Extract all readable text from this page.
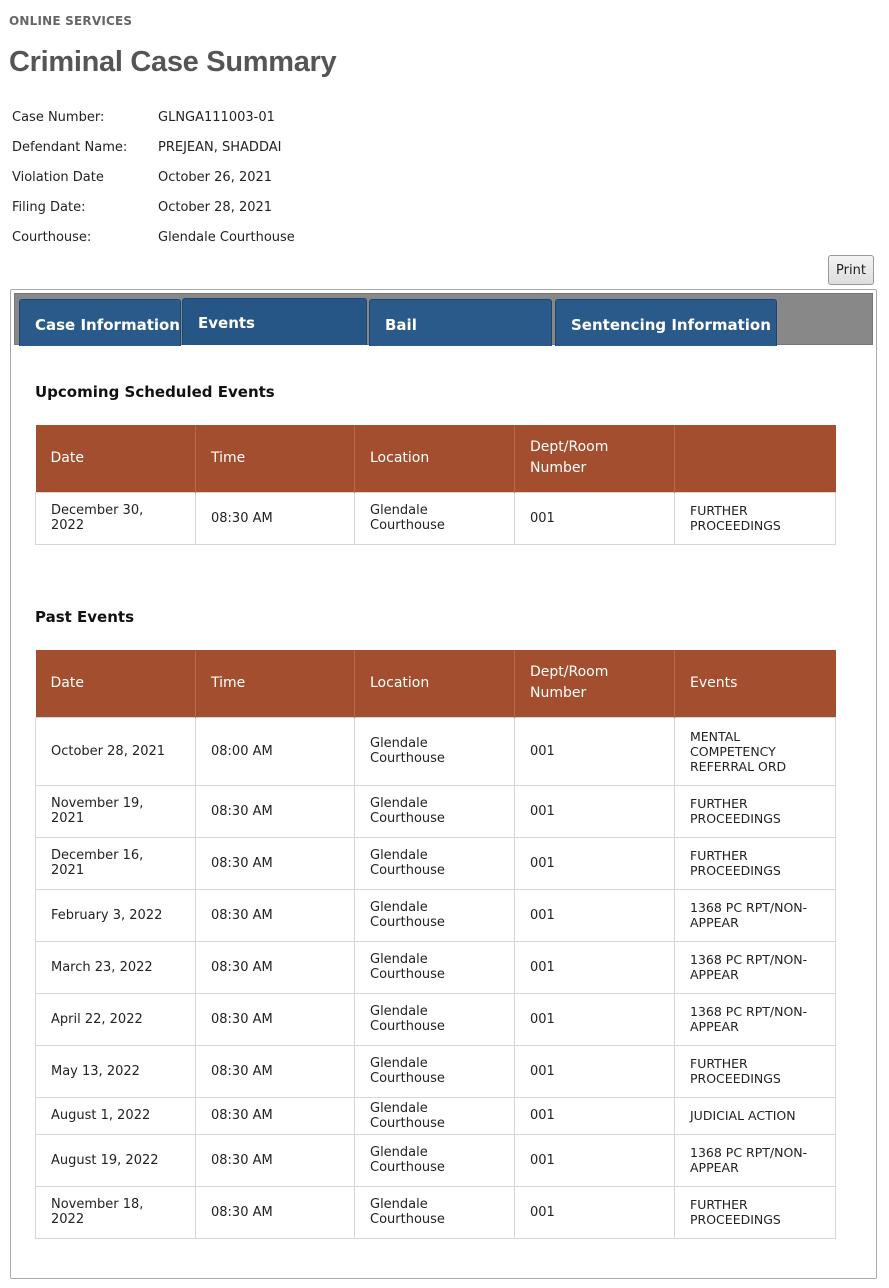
ONLINE SERVICES
Criminal Case Summary
Case Number:	GLNGA111003-01
Defendant Name:	PREJEAN, SHADDAI
Violation Date	October 26, 2021
Filing Date:	October 28, 2021
Courthouse:	Glendale Courthouse
Print
Case Information	Events	Bail	Sentencing Information
Upcoming Scheduled Events
Date	Time	Location	Dept/Room
Number	
December 30, 2022	08:30 AM	Glendale Courthouse	001	FURTHER PROCEEDINGS
Past Events
Date	Time	Location	Dept/Room
Number	Events
October 28, 2021	08:00 AM	Glendale Courthouse	001	MENTAL COMPETENCY REFERRAL ORD
November 19, 2021	08:30 AM	Glendale Courthouse	001	FURTHER PROCEEDINGS
December 16, 2021	08:30 AM	Glendale Courthouse	001	FURTHER PROCEEDINGS
February 3, 2022	08:30 AM	Glendale Courthouse	001	1368 PC RPT/NON-APPEAR
March 23, 2022	08:30 AM	Glendale Courthouse	001	1368 PC RPT/NON-APPEAR
April 22, 2022	08:30 AM	Glendale Courthouse	001	1368 PC RPT/NON-APPEAR
May 13, 2022	08:30 AM	Glendale Courthouse	001	FURTHER PROCEEDINGS
August 1, 2022	08:30 AM	Glendale Courthouse	001	JUDICIAL ACTION
August 19, 2022	08:30 AM	Glendale Courthouse	001	1368 PC RPT/NON-APPEAR
November 18, 2022	08:30 AM	Glendale Courthouse	001	FURTHER PROCEEDINGS
